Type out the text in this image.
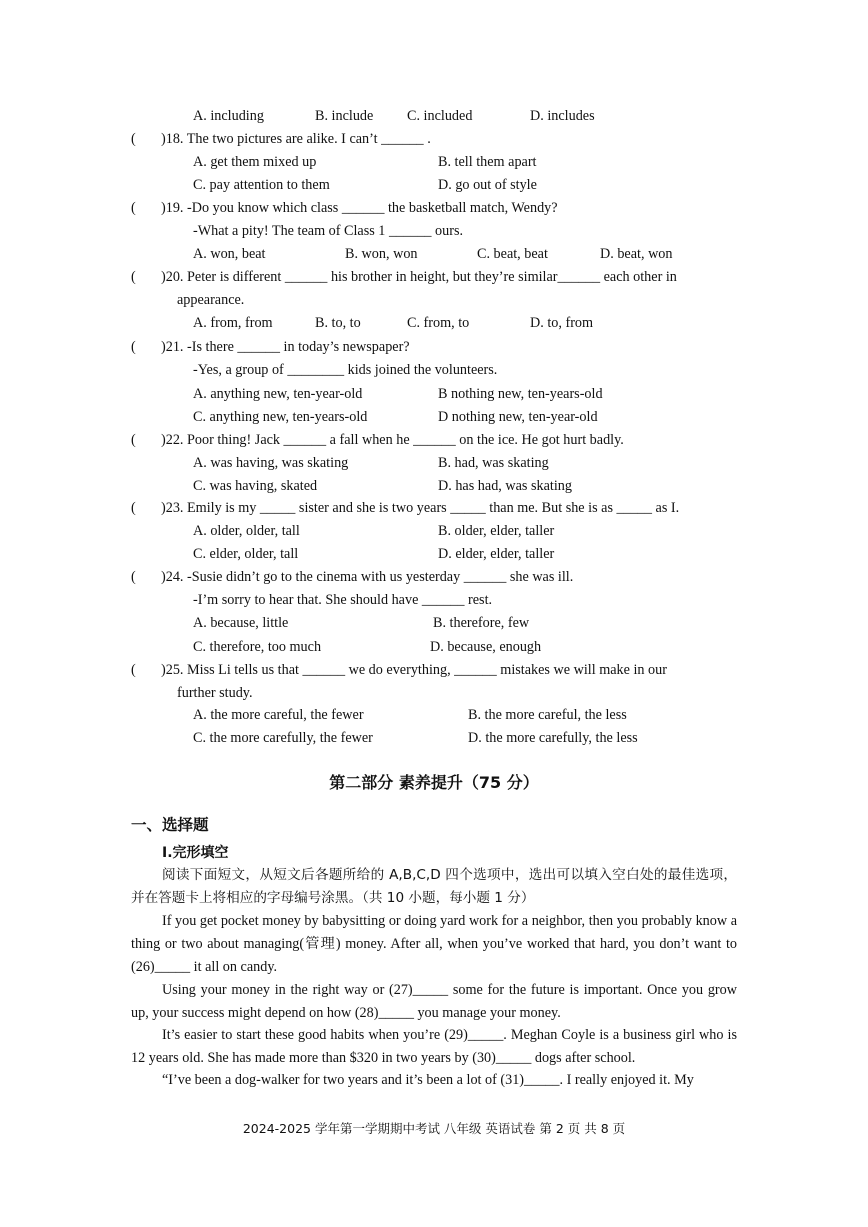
A. including	B. include C. included	D. includes
( )18. The two pictures are alike. I can’t ______ .
A. get them mixed up	B. tell them apart
C. pay attention to them	D. go out of style
( )19. -Do you know which class ______ the basketball match, Wendy?
-What a pity! The team of Class 1 ______ ours.
A. won, beat	B. won, won	C. beat, beat	D. beat, won
( )20. Peter is different ______ his brother in height, but they’re similar______ each other in
appearance.
A. from, from	B. to, to	C. from, to	D. to, from
( )21. -Is there ______ in today’s newspaper?
-Yes, a group of ________ kids joined the volunteers.
A. anything new, ten-year-old	B nothing new, ten-years-old
C. anything new, ten-years-old	D nothing new, ten-year-old
( )22. Poor thing! Jack ______ a fall when he ______ on the ice. He got hurt badly.
A. was having, was skating	B. had, was skating
C. was having, skated	D. has had, was skating
( )23. Emily is my _____ sister and she is two years _____ than me. But she is as _____ as I.
A. older, older, tall	B. older, elder, taller
C. elder, older, tall	D. elder, elder, taller
( )24. -Susie didn’t go to the cinema with us yesterday ______ she was ill.
-I’m sorry to hear that. She should have ______ rest.
A. because, little	B. therefore, few
C. therefore, too much	D. because, enough
( )25. Miss Li tells us that ______ we do everything, ______ mistakes we will make in our
further study.
A. the more careful, the fewer	B. the more careful, the less
C. the more carefully, the fewer	D. the more carefully, the less
第二部分 素养提升（75 分）
一、选择题
I.完形填空
阅读下面短文，从短文后各题所给的 A,B,C,D 四个选项中，选出可以填入空白处的最佳选项，并在答题卡上将相应的字母编号涂黑。（共 10 小题，每小题 1 分）
If you get pocket money by babysitting or doing yard work for a neighbor, then you probably know a thing or two about managing(管理) money. After all, when you’ve worked that hard, you don’t want to (26)_____ it all on candy.
Using your money in the right way or (27)_____ some for the future is important. Once you grow up, your success might depend on how (28)_____ you manage your money.
It’s easier to start these good habits when you’re (29)_____. Meghan Coyle is a business girl who is 12 years old. She has made more than $320 in two years by (30)_____ dogs after school.
“I’ve been a dog-walker for two years and it’s been a lot of (31)_____. I really enjoyed it. My
2024-2025 学年第一学期期中考试 八年级 英语试卷 第 2 页 共 8 页
